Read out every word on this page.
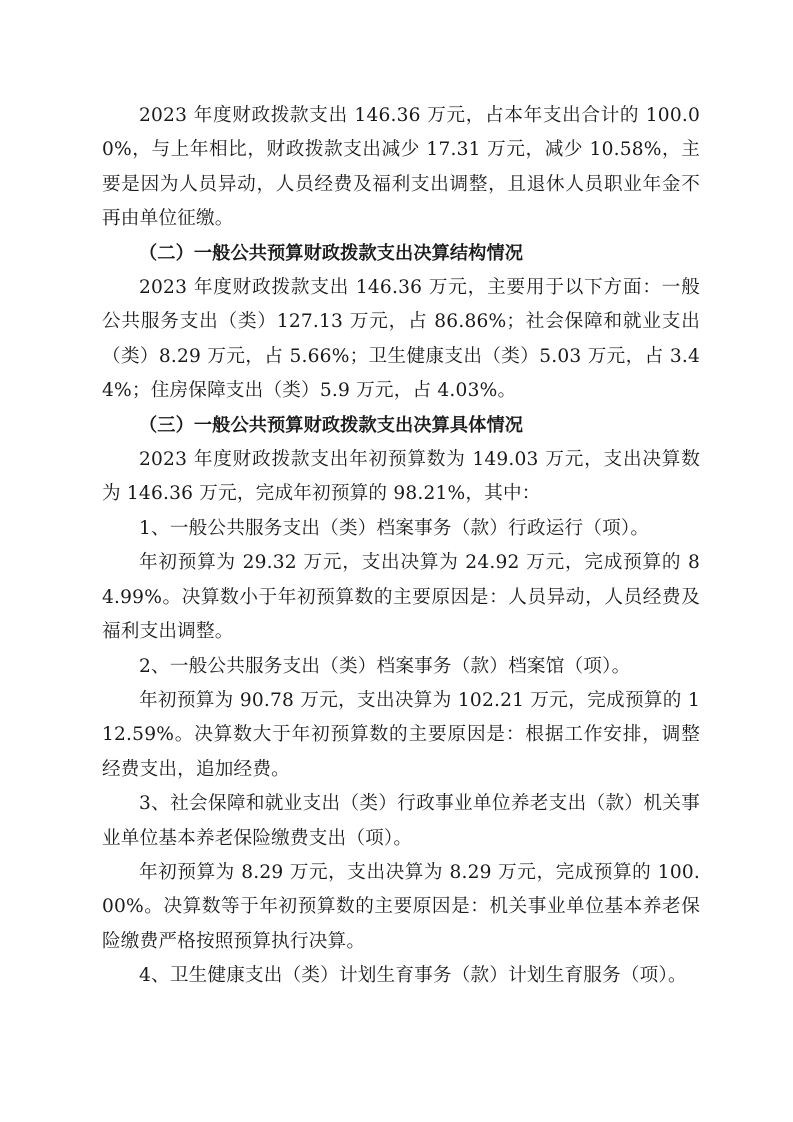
2023 年度财政拨款支出 146.36 万元，占本年支出合计的 100.00%，与上年相比，财政拨款支出减少 17.31 万元，减少 10.58%，主要是因为人员异动，人员经费及福利支出调整，且退休人员职业年金不再由单位征缴。

（二）一般公共预算财政拨款支出决算结构情况

2023 年度财政拨款支出 146.36 万元，主要用于以下方面：一般公共服务支出（类）127.13 万元，占 86.86%；社会保障和就业支出（类）8.29 万元，占 5.66%；卫生健康支出（类）5.03 万元，占 3.44%；住房保障支出（类）5.9 万元，占 4.03%。

（三）一般公共预算财政拨款支出决算具体情况

2023 年度财政拨款支出年初预算数为 149.03 万元，支出决算数为 146.36 万元，完成年初预算的 98.21%，其中：

1、一般公共服务支出（类）档案事务（款）行政运行（项）。

年初预算为 29.32 万元，支出决算为 24.92 万元，完成预算的 84.99%。决算数小于年初预算数的主要原因是：人员异动，人员经费及福利支出调整。

2、一般公共服务支出（类）档案事务（款）档案馆（项）。

年初预算为 90.78 万元，支出决算为 102.21 万元，完成预算的 112.59%。决算数大于年初预算数的主要原因是：根据工作安排，调整经费支出，追加经费。

3、社会保障和就业支出（类）行政事业单位养老支出（款）机关事业单位基本养老保险缴费支出（项）。

年初预算为 8.29 万元，支出决算为 8.29 万元，完成预算的 100.00%。决算数等于年初预算数的主要原因是：机关事业单位基本养老保险缴费严格按照预算执行决算。

4、卫生健康支出（类）计划生育事务（款）计划生育服务（项）。
